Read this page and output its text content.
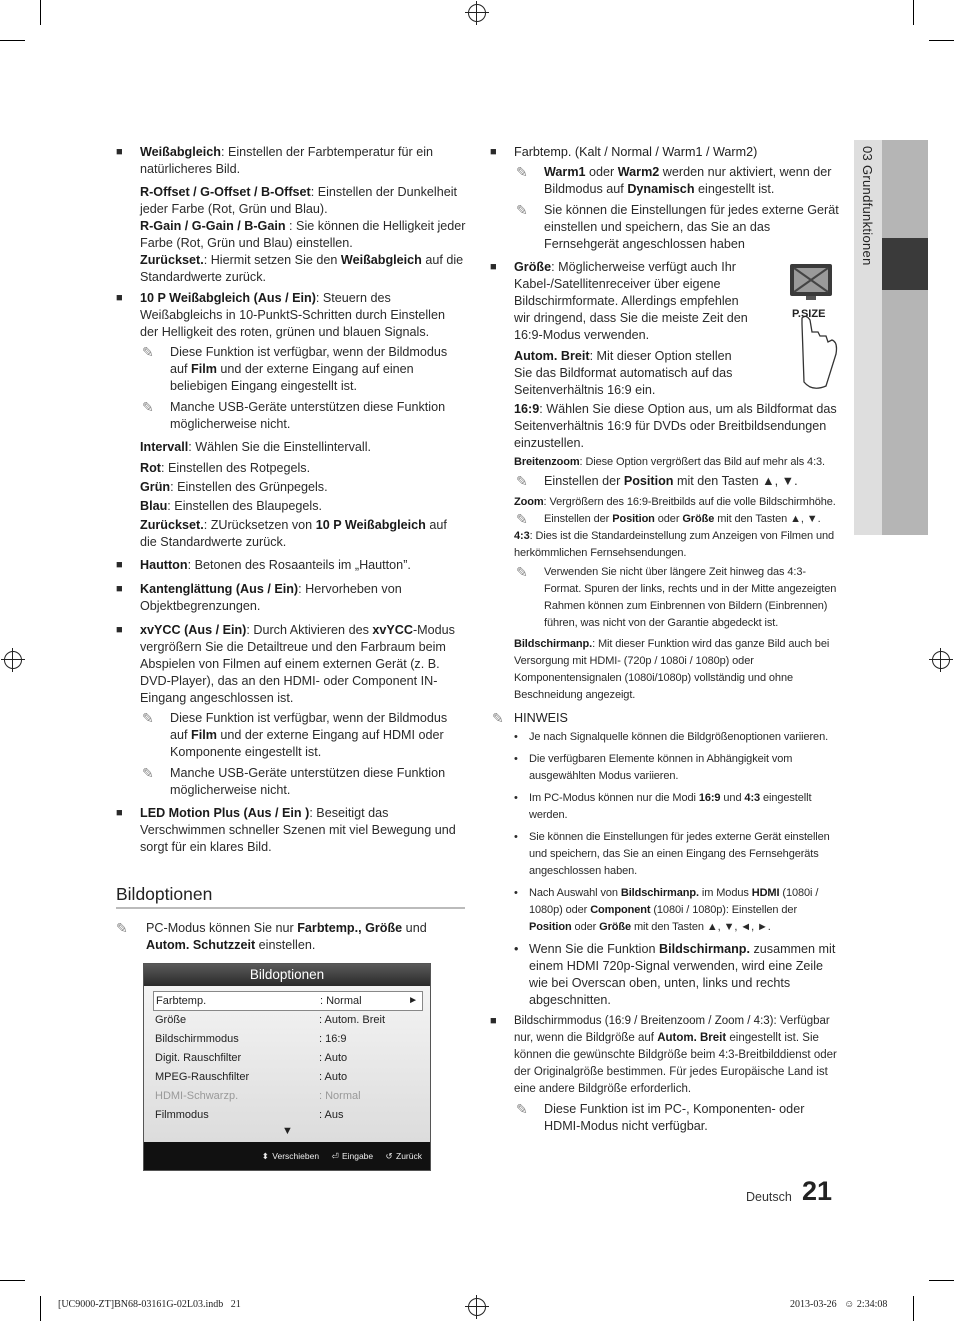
03 Grundfunktionen
■ Weißabgleich: Einstellen der Farbtemperatur für ein natürlicheres Bild.

R-Offset / G-Offset / B-Offset: Einstellen der Dunkelheit jeder Farbe (Rot, Grün und Blau).

R-Gain / G-Gain / B-Gain : Sie können die Helligkeit jeder Farbe (Rot, Grün und Blau) einstellen.

Zurückset.: Hiermit setzen Sie den Weißabgleich auf die Standardwerte zurück.

■ 10 P Weißabgleich (Aus / Ein): Steuern des Weißabgleichs in 10-PunktS-Schritten durch Einstellen der Helligkeit des roten, grünen und blauen Signals.
✎ Diese Funktion ist verfügbar, wenn der Bildmodus auf Film und der externe Eingang auf einen beliebigen Eingang eingestellt ist.
✎ Manche USB-Geräte unterstützen diese Funktion möglicherweise nicht.

Intervall: Wählen Sie die Einstellintervall.

Rot: Einstellen des Rotpegels.

Grün: Einstellen des Grünpegels.

Blau: Einstellen des Blaupegels.

Zurückset.: ZUrücksetzen von 10 P Weißabgleich auf die Standardwerte zurück.

■ Hautton: Betonen des Rosaanteils im „Hautton”.
■ Kantenglättung (Aus / Ein): Hervorheben von Objektbegrenzungen.
■ xvYCC (Aus / Ein): Durch Aktivieren des xvYCC-Modus vergrößern Sie die Detailtreue und den Farbraum beim Abspielen von Filmen auf einem externen Gerät (z. B. DVD-Player), das an den HDMI- oder Component IN-Eingang angeschlossen ist.
✎ Diese Funktion ist verfügbar, wenn der Bildmodus auf Film und der externe Eingang auf HDMI oder Komponente eingestellt ist.
✎ Manche USB-Geräte unterstützen diese Funktion möglicherweise nicht.
■ LED Motion Plus (Aus / Ein ): Beseitigt das Verschwimmen schneller Szenen mit viel Bewegung und sorgt für ein klares Bild.
Bildoptionen
✎ PC-Modus können Sie nur Farbtemp., Größe und Autom. Schutzzeit einstellen.
Bildoptionen
Farbtemp.	: Normal	►
Größe	: Autom. Breit
Bildschirmmodus	: 16:9
Digit. Rauschfilter	: Auto
MPEG-Rauschfilter	: Auto
HDMI-Schwarzp.	: Normal
Filmmodus	: Aus
▼
⬍ Verschieben ⏎ Eingabe ↺ Zurück
■ Farbtemp. (Kalt / Normal / Warm1 / Warm2)
✎ Warm1 oder Warm2 werden nur aktiviert, wenn der Bildmodus auf Dynamisch eingestellt ist.
✎ Sie können die Einstellungen für jedes externe Gerät einstellen und speichern, das Sie an das Fernsehgerät angeschlossen haben
■ Größe: Möglicherweise verfügt auch Ihr Kabel-/Satellitenreceiver über eigene Bildschirmformate. Allerdings empfehlen wir dringend, dass Sie die meiste Zeit den 16:9-Modus verwenden.

Autom. Breit: Mit dieser Option stellen Sie das Bildformat automatisch auf das Seitenverhältnis 16:9 ein.

16:9: Wählen Sie diese Option aus, um als Bildformat das Seitenverhältnis 16:9 für DVDs oder Breitbildsendungen einzustellen.

Breitenzoom: Diese Option vergrößert das Bild auf mehr als 4:3.

✎ Einstellen der Position mit den Tasten ▲, ▼.

Zoom: Vergrößern des 16:9-Breitbilds auf die volle Bildschirmhöhe.

✎ Einstellen der Position oder Größe mit den Tasten ▲, ▼.

4:3: Dies ist die Standardeinstellung zum Anzeigen von Filmen und herkömmlichen Fernsehsendungen.

✎ Verwenden Sie nicht über längere Zeit hinweg das 4:3-Format. Spuren der links, rechts und in der Mitte angezeigten Rahmen können zum Einbrennen von Bildern (Einbrennen) führen, was nicht von der Garantie abgedeckt ist.

Bildschirmanp.: Mit dieser Funktion wird das ganze Bild auch bei Versorgung mit HDMI- (720p / 1080i / 1080p) oder Komponentensignalen (1080i/1080p) vollständig und ohne Beschneidung angezeigt.

✎ HINWEIS
• Je nach Signalquelle können die Bildgrößenoptionen variieren.
• Die verfügbaren Elemente können in Abhängigkeit vom ausgewählten Modus variieren.
• Im PC-Modus können nur die Modi 16:9 und 4:3 eingestellt werden.
• Sie können die Einstellungen für jedes externe Gerät einstellen und speichern, das Sie an einen Eingang des Fernsehgeräts angeschlossen haben.
• Nach Auswahl von Bildschirmanp. im Modus HDMI (1080i / 1080p) oder Component (1080i / 1080p): Einstellen der Position oder Größe mit den Tasten ▲, ▼, ◄, ►.
• Wenn Sie die Funktion Bildschirmanp. zusammen mit einem HDMI 720p-Signal verwenden, wird eine Zeile wie bei Overscan oben, unten, links und rechts abgeschnitten.
■ Bildschirmmodus (16:9 / Breitenzoom / Zoom / 4:3): Verfügbar nur, wenn die Bildgröße auf Autom. Breit eingestellt ist. Sie können die gewünschte Bildgröße beim 4:3-Breitbilddienst oder der Originalgröße bestimmen. Für jedes Europäische Land ist eine andere Bildgröße erforderlich.
✎ Diese Funktion ist im PC-, Komponenten- oder HDMI-Modus nicht verfügbar.
P.SIZE
Deutsch 21
[UC9000-ZT]BN68-03161G-02L03.indb   21	2013-03-26   ☺ 2:34:08
